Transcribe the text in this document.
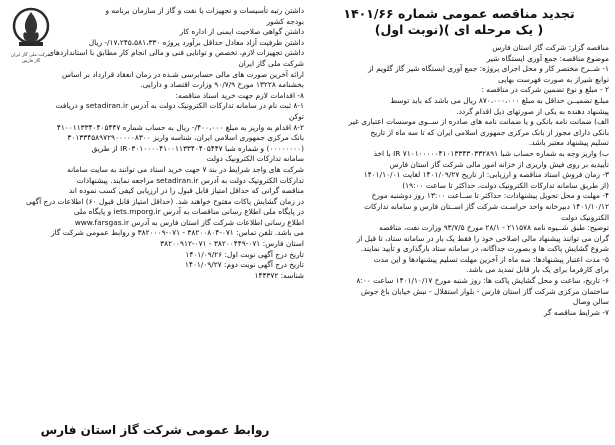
تجدید مناقصه عمومی شماره ۱۴۰۱/۶۶

( یک مرحله ای )(نوبت اول)

مناقصه گزار: شرکت گاز استان فارس

موضوع مناقصه: جمع آوری ایستگاه شیر

۱- شــرح مختصر کار و محل اجرای پروژه: جمع آوری ایستگاه شیر گاز گلویم از

توابع شیراز به صورت فهرست بهایی

۲ - مبلغ و نوع تضمین شرکت در مناقصه :

مبلـغ تضمیــن حداقل به مبلغ ۸۷۰،۰۰۰،۰۰۰ ریال می باشد که باید توسط

پیشنهاد دهنده به یکی از صورتهای ذیل اقدام گردد.

الف) ضمانت نامه بانکی و یا ضمانت نامه های صادره از ســوی موسسات اعتباری غیر

بانکی دارای مجوز از بانک مرکزی جمهوری اسلامی ایران که تا سه ماه از تاریخ

تسلیم پیشنهاد معتبر باشد.

ب) واریز وجه به شماره حساب شبا IR ۷۱۰۱۰۰۰۰۰۴۱۰۱۳۳۴۳۰۳۳۲۸۹۱ با اخذ

تأییدیه بر روی فیش واریزی از خزانه امور مالی شرکت گاز استان فارس

۳- زمان فروش اسناد مناقصه و ارزیابی: از تاریخ ۱۴۰۱/۰۹/۲۷ لغایت ۱۴۰۱/۱۰/۰۱

(از طریق سامانه تدارکات الکترونیک دولت، حداکثر تا ساعت ۱۹:۰۰)

۴- مهلت و محل تحویل پیشنهادات: حداکثر تا ســاعت ۱۳:۰۰ روز دوشنبه مورخ

۱۴۰۱/۱۰/۱۲ دبیرخانه واحد حراسـت شرکت گاز اســتان فارس و سامانه تدارکات

الکترونیک دولت

توضیح: طبق شــیوه نامه ۲۱۱۵۷۸ - ۲۸/۱ مورخ ۹۳/۷/۵ وزارت نفت، مناقصه

گران می توانند پیشنهاد مالی اصلاحی خود را فقط یک بار در سامانه ستاد، تا قبل از

شروع گشایش پاکت ها و بصورت جداگانه، در سامانه ستاد بارگذاری و تأیید نمایند.

۵- مدت اعتبار پیشنهادها: سه ماه از آخرین مهلت تسلیم پیشنهادها و این مدت

برای کارفرما برای یک بار قابل تمدید می باشد.

۶- تاریخ، ساعت و محل گشایش پاکت ها: روز شنبه مورخ ۱۴۰۱/۱۰/۱۷ ساعت ۸:۰۰

ساختمان مرکزی شرکت گاز استان فارس - بلوار استقلال - نبش خیابان باغ جوش

سالن وصال

۷- شرایط مناقصه گر

شرکت ملی گاز ایران
گاز فارس

داشتن رتبه تأسیسات و تجهیزات یا نفت و گاز از سازمان برنامه و

بودجه کشور

داشتن گواهی صلاحیت ایمنی از اداره کار

داشتن ظرفیت آزاد معادل حداقل برآورد پروژه ۱۷،۲۴۵،۵۸۱،۳۳۰/- ریال

داشتن تجهیزات لازم، تخصص و توانایی فنی و مالی انجام کار مطابق با استانداردهای

شرکت ملی گاز ایران

ارائه آخرین صورت های مالی حسابرسی شـده در زمان انعقاد قرارداد بر اساس

بخشنامه ۱۳۲۲۸ مورخ ۹۰/۷/۹ وزارت اقتصاد و دارایی.

۸- اقدامات لازم جهت خرید اسناد مناقصه:

۸-۱ ثبت نام در سامانه تدارکات الکترونیک دولت به آدرس setadiran.ir و دریافت

توکن

۸-۲ اقدام به واریز به مبلغ ۴۰۰،۰۰۰/- ریال به حساب شماره ۴۱۰۰۱۱۳۳۴۰۴۰۵۴۴۷

بانک مرکزی جمهوری اسلامی ایران، شناسه واریز ۳۰۱۳۳۴۵۸۹۷۲۹۰۰۰۰۰۸۳۰۰

(۰۰۰۰۰۰۰۰) و شماره شبا IR۰۳۰۱۰۰۰۰۴۱۰۰۱۱۳۳۴۰۴۰۵۴۴۷ از طریق

سامانه تدارکات الکترونیک دولت

شرکت های واجد شرایط در بند ۷ جهت خرید اسناد می توانند به سایت سامانه

تدارکات الکترونیک دولت به آدرس setadiran.ir مراجعه نمایند. پیشنهادات

مناقصه گرانی که حداقل امتیاز قابل قبول را در ارزیابی کیفی کسب نموده اند

در زمان گشایش پاکات مفتوح خواهند شد. (حداقل امتیاز قابل قبول ۶۰) اطلاعات درج آگهی

در پایگاه ملی اطلاع رسانی مناقصات به آدرس iets.mporg.ir و پایگاه ملی

اطلاع رسانی اطلاعات شرکت گاز استان فارس به آدرس www.farsgas.ir

می باشد. تلفن تماس: ۰۷۱-۳۸۲۰۰۸۰۴ - ۰۷۱-۳۸۲۰۰۰۹ و روابط عمومی شرکت گاز

استان فارس: ۰۷۱-۳۸۲۰۰۴۴۹ - ۰۷۱-۳۸۲۰۰۹۱۲

تاریخ درج آگهی نوبت اول: ۱۴۰۱/۰۹/۲۶

تاریخ درج آگهی نوبت دوم: ۱۴۰۱/۰۹/۲۷

شناسه: ۱۴۴۳۷۲

روابط عمومی شرکت گاز استان فارس
